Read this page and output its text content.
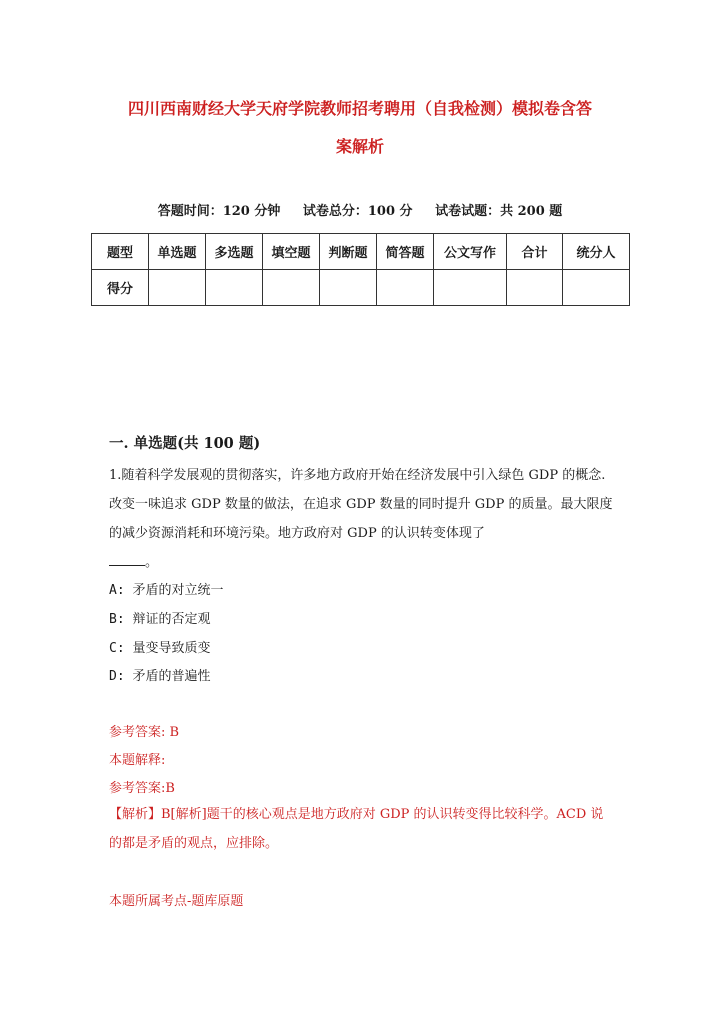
四川西南财经大学天府学院教师招考聘用（自我检测）模拟卷含答
案解析
答题时间：120 分钟 试卷总分：100 分 试卷试题：共 200 题
题型	单选题	多选题	填空题	判断题	简答题	公文写作	合计	统分人
得分								
一. 单选题(共 100 题)
1.随着科学发展观的贯彻落实，许多地方政府开始在经济发展中引入绿色 GDP 的概念.改变一味追求 GDP 数量的做法，在追求 GDP 数量的同时提升 GDP 的质量。最大限度的减少资源消耗和环境污染。地方政府对 GDP 的认识转变体现了
。
A: 矛盾的对立统一
B: 辩证的否定观
C: 量变导致质变
D: 矛盾的普遍性
参考答案: B
本题解释:
参考答案:B
【解析】B[解析]题干的核心观点是地方政府对 GDP 的认识转变得比较科学。ACD 说的都是矛盾的观点，应排除。
本题所属考点-题库原题
